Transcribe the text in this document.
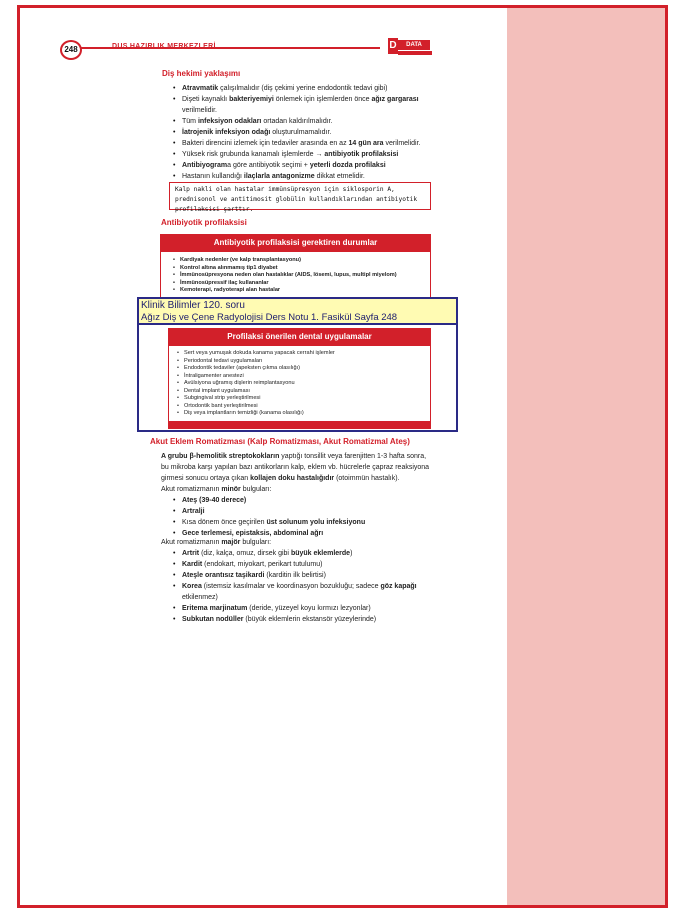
248	DUS HAZIRLIK MERKEZLERİ	D	DATA
Diş hekimi yaklaşımı
• Atravmatik çalışılmalıdır (diş çekimi yerine endodontik tedavi gibi)
• Dişeti kaynaklı bakteriyemiyi önlemek için işlemlerden önce ağız gargarası verilmelidir.
• Tüm infeksiyon odakları ortadan kaldırılmalıdır.
• İatrojenik infeksiyon odağı oluşturulmamalıdır.
• Bakteri direncini izlemek için tedaviler arasında en az 14 gün ara verilmelidir.
• Yüksek risk grubunda kanamalı işlemlerde → antibiyotik profilaksisi
• Antibiyograma göre antibiyotik seçimi + yeterli dozda profilaksi
• Hastanın kullandığı ilaçlarla antagonizme dikkat etmelidir.
Kalp nakli olan hastalar immünsüpresyon için siklosporin A, prednisonol ve antitimosit globülin kullandıklarından antibiyotik profilaksisi şarttır.
Antibiyotik profilaksisi
Antibiyotik profilaksisi gerektiren durumlar
• Kardiyak nedenler (ve kalp transplantasyonu)
• Kontrol altına alınmamış tip1 diyabet
• İmmünosüpresyona neden olan hastalıklar (AIDS, lösemi, lupus, multipl miyelom)
• İmmünosüpressif ilaç kullananlar
• Kemoterapi, radyoterapi alan hastalar
Klinik Bilimler 120. soru
Ağız Diş ve Çene Radyolojisi Ders Notu 1. Fasikül Sayfa 248
Profilaksi önerilen dental uygulamalar
• Sert veya yumuşak dokuda kanama yapacak cerrahi işlemler
• Periodontal tedavi uygulamaları
• Endodontik tedaviler (apeksten çıkma olasılığı)
• İntraligamenter anestezi
• Avülsiyona uğramış dişlerin reimplantasyonu
• Dental implant uygulaması
• Subgingival strip yerleştirilmesi
• Ortodontik bant yerleştirilmesi
• Diş veya implantların temizliği (kanama olasılığı)
Akut Eklem Romatizması (Kalp Romatizması, Akut Romatizmal Ateş)
A grubu β-hemolitik streptokokların yaptığı tonsillit veya farenjitten 1-3 hafta sonra, bu mikroba karşı yapılan bazı antikorların kalp, eklem vb. hücrelerle çapraz reaksiyona girmesi sonucu ortaya çıkan kollajen doku hastalığıdır (otoimmün hastalık).
Akut romatizmanın minör bulguları:
• Ateş (39-40 derece)
• Artralji
• Kısa dönem önce geçirilen üst solunum yolu infeksiyonu
• Gece terlemesi, epistaksis, abdominal ağrı
Akut romatizmanın majör bulguları:
• Artrit (diz, kalça, omuz, dirsek gibi büyük eklemlerde)
• Kardit (endokart, miyokart, perikart tutulumu)
• Ateşle orantısız taşikardi (karditin ilk belirtisi)
• Korea (istemsiz kasılmalar ve koordinasyon bozukluğu; sadece göz kapağı etkilenmez)
• Eritema marjinatum (deride, yüzeyel koyu kırmızı lezyonlar)
• Subkutan nodüller (büyük eklemlerin ekstansör yüzeylerinde)
